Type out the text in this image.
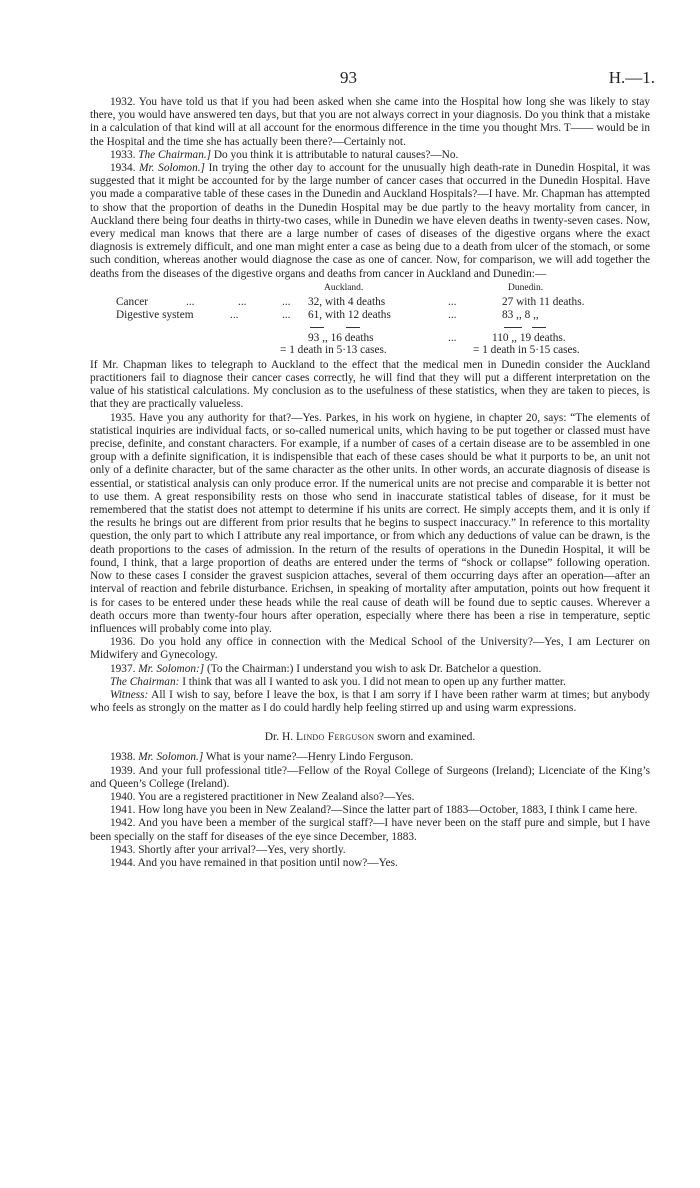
93	H.—1.

1932. You have told us that if you had been asked when she came into the Hospital how long she was likely to stay there, you would have answered ten days, but that you are not always correct in your diagnosis. Do you think that a mistake in a calculation of that kind will at all account for the enormous difference in the time you thought Mrs. T—— would be in the Hospital and the time she has actually been there?—Certainly not.

1933. The Chairman.] Do you think it is attributable to natural causes?—No.

1934. Mr. Solomon.] In trying the other day to account for the unusually high death-rate in Dunedin Hospital, it was suggested that it might be accounted for by the large number of cancer cases that occurred in the Dunedin Hospital. Have you made a comparative table of these cases in the Dunedin and Auckland Hospitals?—I have. Mr. Chapman has attempted to show that the proportion of deaths in the Dunedin Hospital may be due partly to the heavy mortality from cancer, in Auckland there being four deaths in thirty-two cases, while in Dunedin we have eleven deaths in twenty-seven cases. Now, every medical man knows that there are a large number of cases of diseases of the digestive organs where the exact diagnosis is extremely difficult, and one man might enter a case as being due to a death from ulcer of the stomach, or some such condition, whereas another would diagnose the case as one of cancer. Now, for comparison, we will add together the deaths from the diseases of the digestive organs and deaths from cancer in Auckland and Dunedin:—

Auckland.	Dunedin.
Cancer	...	...	... 32, with 4 deaths	...	27 with 11 deaths.
Digestive system	...	... 61, with 12 deaths	...	83 ,, 8 ,,
93 ,, 16 deaths	...	110 ,, 19 deaths.
= 1 death in 5·13 cases.	= 1 death in 5·15 cases.

If Mr. Chapman likes to telegraph to Auckland to the effect that the medical men in Dunedin consider the Auckland practitioners fail to diagnose their cancer cases correctly, he will find that they will put a different interpretation on the value of his statistical calculations. My conclusion as to the usefulness of these statistics, when they are taken to pieces, is that they are practically valueless.

1935. Have you any authority for that?—Yes. Parkes, in his work on hygiene, in chapter 20, says: “The elements of statistical inquiries are individual facts, or so-called numerical units, which having to be put together or classed must have precise, definite, and constant characters. For example, if a number of cases of a certain disease are to be assembled in one group with a definite signification, it is indispensible that each of these cases should be what it purports to be, an unit not only of a definite character, but of the same character as the other units. In other words, an accurate diagnosis of disease is essential, or statistical analysis can only produce error. If the numerical units are not precise and comparable it is better not to use them. A great responsibility rests on those who send in inaccurate statistical tables of disease, for it must be remembered that the statist does not attempt to determine if his units are correct. He simply accepts them, and it is only if the results he brings out are different from prior results that he begins to suspect inaccuracy.” In reference to this mortality question, the only part to which I attribute any real importance, or from which any deductions of value can be drawn, is the death proportions to the cases of admission. In the return of the results of operations in the Dunedin Hospital, it will be found, I think, that a large proportion of deaths are entered under the terms of “shock or collapse” following operation. Now to these cases I consider the gravest suspicion attaches, several of them occurring days after an operation—after an interval of reaction and febrile disturbance. Erichsen, in speaking of mortality after amputation, points out how frequent it is for cases to be entered under these heads while the real cause of death will be found due to septic causes. Wherever a death occurs more than twenty-four hours after operation, especially where there has been a rise in temperature, septic influences will probably come into play.

1936. Do you hold any office in connection with the Medical School of the University?—Yes, I am Lecturer on Midwifery and Gynecology.

1937. Mr. Solomon:] (To the Chairman:) I understand you wish to ask Dr. Batchelor a question.

The Chairman: I think that was all I wanted to ask you. I did not mean to open up any further matter.

Witness: All I wish to say, before I leave the box, is that I am sorry if I have been rather warm at times; but anybody who feels as strongly on the matter as I do could hardly help feeling stirred up and using warm expressions.

Dr. H. Lindo Ferguson sworn and examined.

1938. Mr. Solomon.] What is your name?—Henry Lindo Ferguson.

1939. And your full professional title?—Fellow of the Royal College of Surgeons (Ireland); Licenciate of the King’s and Queen’s College (Ireland).

1940. You are a registered practitioner in New Zealand also?—Yes.

1941. How long have you been in New Zealand?—Since the latter part of 1883—October, 1883, I think I came here.

1942. And you have been a member of the surgical staff?—I have never been on the staff pure and simple, but I have been specially on the staff for diseases of the eye since December, 1883.

1943. Shortly after your arrival?—Yes, very shortly.

1944. And you have remained in that position until now?—Yes.
